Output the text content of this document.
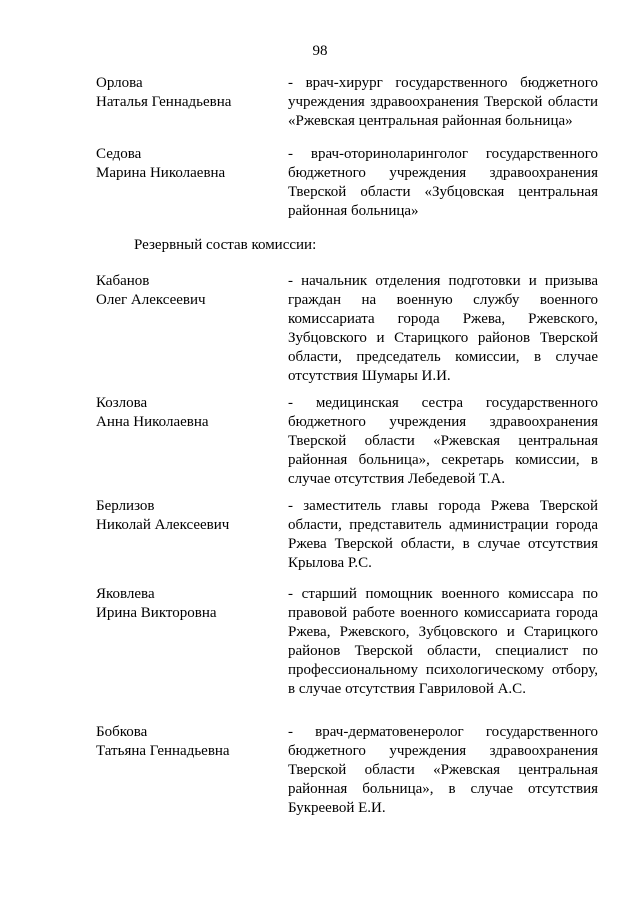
98
Орлова
Наталья Геннадьевна
- врач-хирург государственного бюджетного учреждения здравоохранения Тверской области «Ржевская центральная районная больница»
Седова
Марина Николаевна
- врач-оториноларинголог государственного бюджетного учреждения здравоохранения Тверской области «Зубцовская центральная районная больница»
Резервный состав комиссии:
Кабанов
Олег Алексеевич
- начальник отделения подготовки и призыва граждан на военную службу военного комиссариата города Ржева, Ржевского, Зубцовского и Старицкого районов Тверской области, председатель комиссии, в случае отсутствия Шумары И.И.
Козлова
Анна Николаевна
- медицинская сестра государственного бюджетного учреждения здравоохранения Тверской области «Ржевская центральная районная больница», секретарь комиссии, в случае отсутствия Лебедевой Т.А.
Берлизов
Николай Алексеевич
- заместитель главы города Ржева Тверской области, представитель администрации города Ржева Тверской области, в случае отсутствия Крылова Р.С.
Яковлева
Ирина Викторовна
- старший помощник военного комиссара по правовой работе военного комиссариата города Ржева, Ржевского, Зубцовского и Старицкого районов Тверской области, специалист по профессиональному психологическому отбору, в случае отсутствия Гавриловой А.С.
Бобкова
Татьяна Геннадьевна
- врач-дерматовенеролог государственного бюджетного учреждения здравоохранения Тверской области «Ржевская центральная районная больница», в случае отсутствия Букреевой Е.И.
